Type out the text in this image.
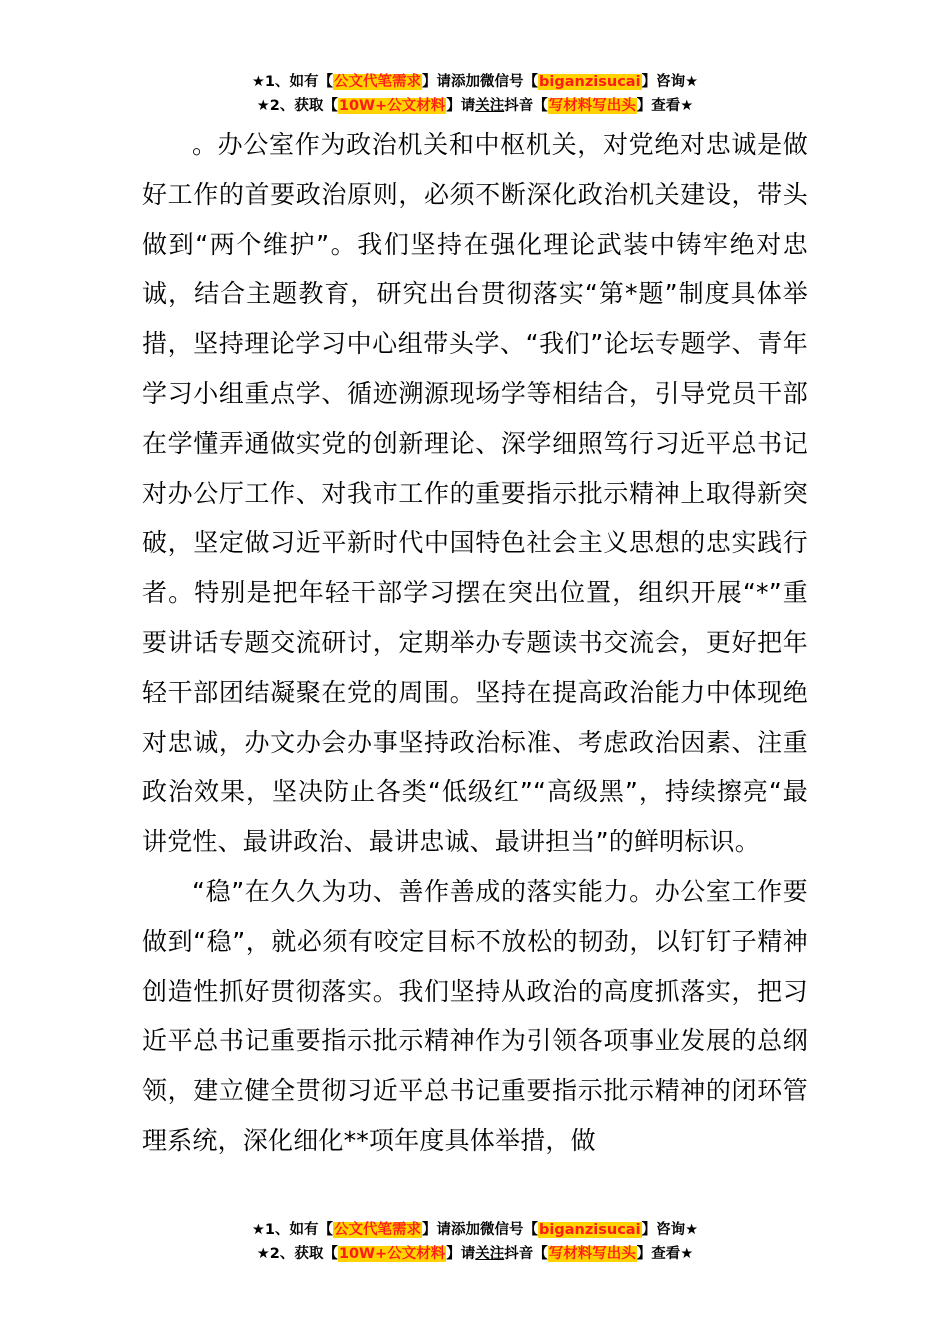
★1、如有【公文代笔需求】请添加微信号【biganzisucai】咨询★
★2、获取【10W+公文材料】请关注抖音【写材料写出头】查看★

。办公室作为政治机关和中枢机关，对党绝对忠诚是做好工作的首要政治原则，必须不断深化政治机关建设，带头做到“两个维护”。我们坚持在强化理论武装中铸牢绝对忠诚，结合主题教育，研究出台贯彻落实“第*题”制度具体举措，坚持理论学习中心组带头学、“我们”论坛专题学、青年学习小组重点学、循迹溯源现场学等相结合，引导党员干部在学懂弄通做实党的创新理论、深学细照笃行习近平总书记对办公厅工作、对我市工作的重要指示批示精神上取得新突破，坚定做习近平新时代中国特色社会主义思想的忠实践行者。特别是把年轻干部学习摆在突出位置，组织开展“*”重要讲话专题交流研讨，定期举办专题读书交流会，更好把年轻干部团结凝聚在党的周围。坚持在提高政治能力中体现绝对忠诚，办文办会办事坚持政治标准、考虑政治因素、注重政治效果，坚决防止各类“低级红”“高级黑”，持续擦亮“最讲党性、最讲政治、最讲忠诚、最讲担当”的鲜明标识。

“稳”在久久为功、善作善成的落实能力。办公室工作要做到“稳”，就必须有咬定目标不放松的韧劲，以钉钉子精神创造性抓好贯彻落实。我们坚持从政治的高度抓落实，把习近平总书记重要指示批示精神作为引领各项事业发展的总纲领，建立健全贯彻习近平总书记重要指示批示精神的闭环管理系统，深化细化**项年度具体举措，做

★1、如有【公文代笔需求】请添加微信号【biganzisucai】咨询★
★2、获取【10W+公文材料】请关注抖音【写材料写出头】查看★
